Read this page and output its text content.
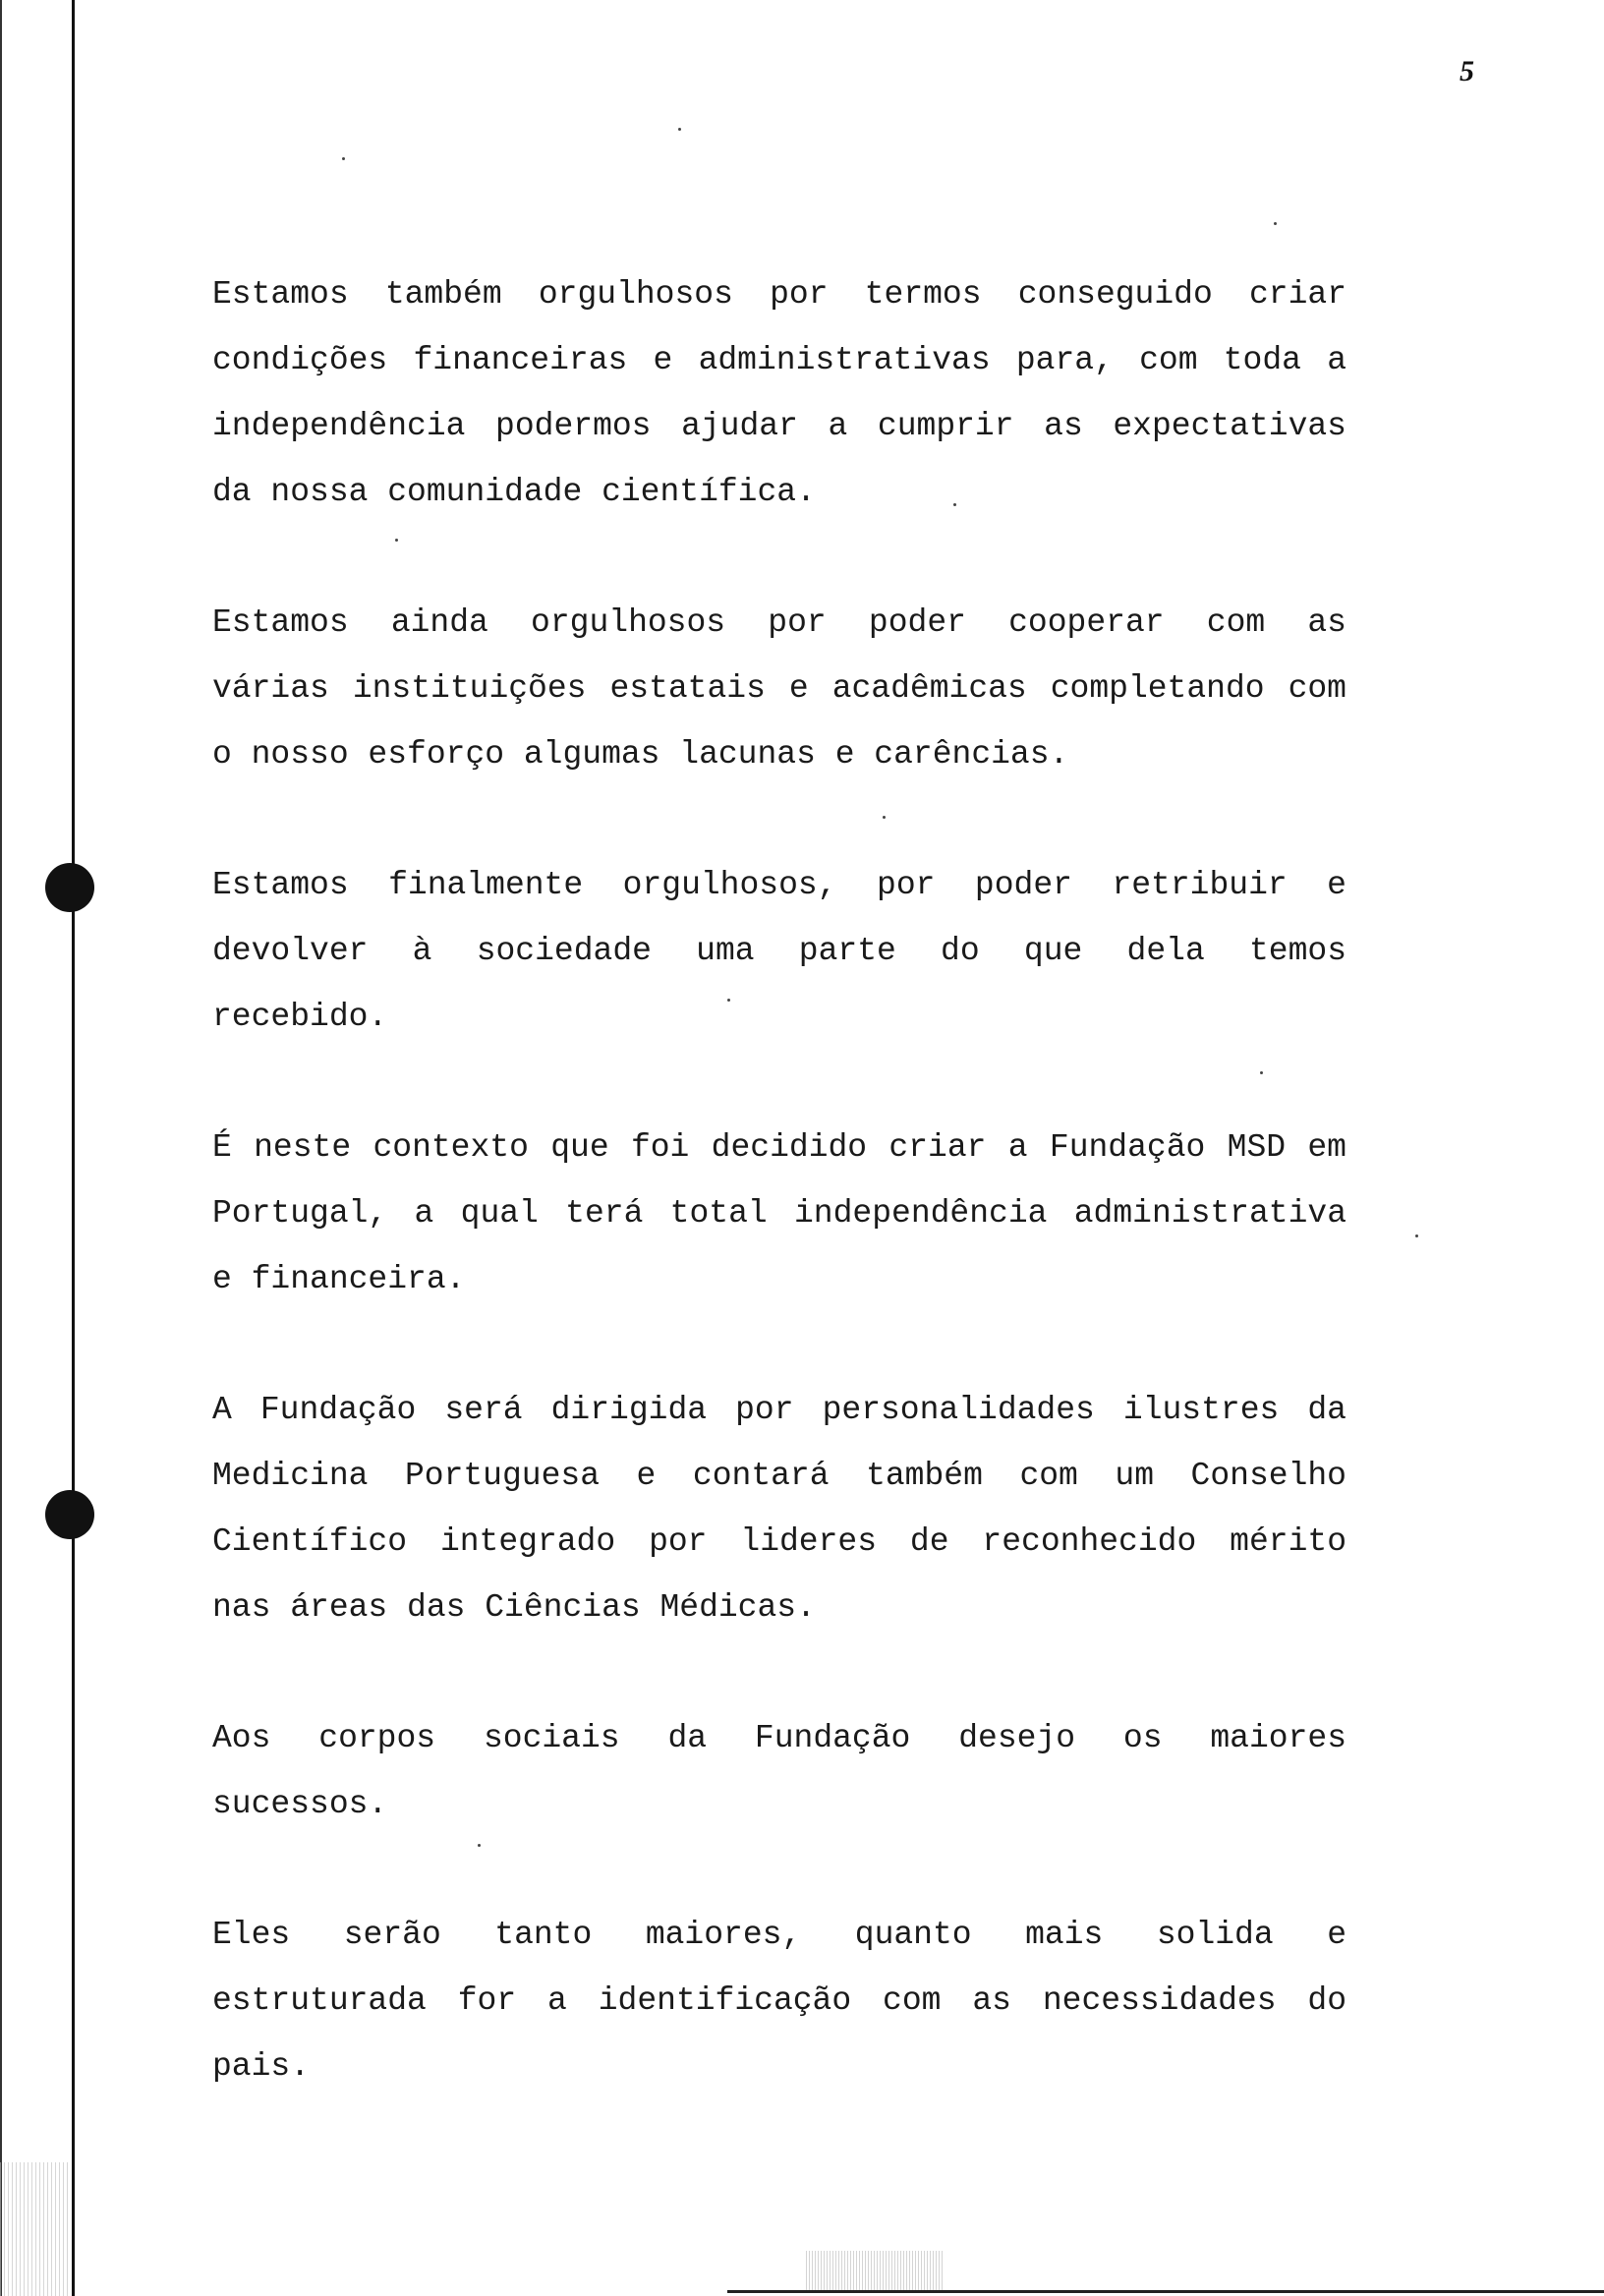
5
Estamos também orgulhosos por termos conseguido criar
condições financeiras e administrativas para, com toda a
independência podermos ajudar a cumprir as expectativas
da nossa comunidade científica.
Estamos ainda orgulhosos por poder cooperar com as
várias instituições estatais e acadêmicas completando com
o nosso esforço algumas lacunas e carências.
Estamos finalmente orgulhosos, por poder retribuir e
devolver à sociedade uma parte do que dela temos
recebido.
É neste contexto que foi decidido criar a Fundação MSD em
Portugal, a qual terá total independência administrativa
e financeira.
A Fundação será dirigida por personalidades ilustres da
Medicina Portuguesa e contará também com um Conselho
Científico integrado por lideres de reconhecido mérito
nas áreas das Ciências Médicas.
Aos corpos sociais da Fundação desejo os maiores
sucessos.
Eles serão tanto maiores, quanto mais solida e
estruturada for a identificação com as necessidades do
pais.
